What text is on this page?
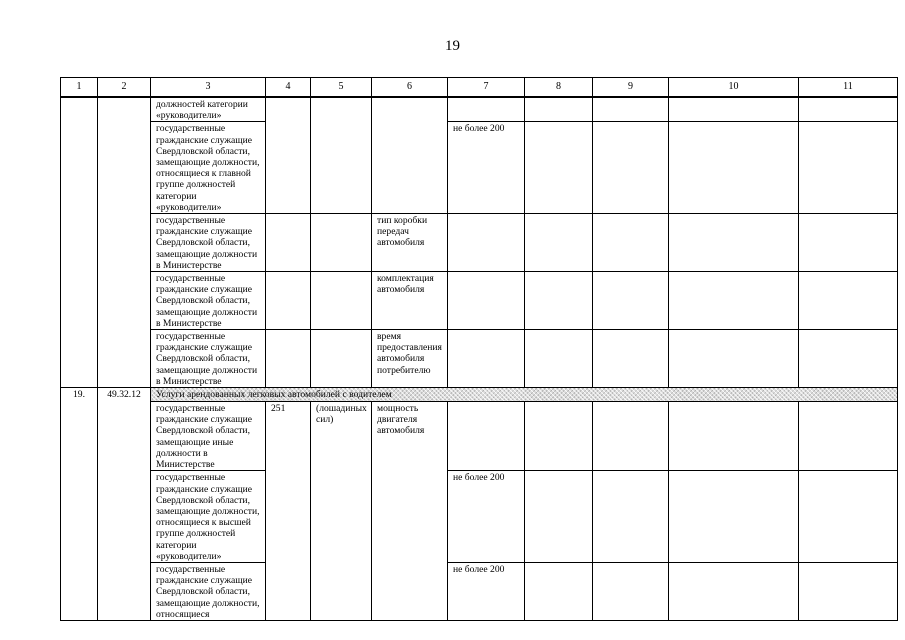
19
1	2	3	4	5	6	7	8	9	10	11
		должностей категории «руководители»								
		государственные гражданские служащие Свердловской области, замещающие должности, относящиеся к главной группе должностей категории «руководители»				не более 200				
		государственные гражданские служащие Свердловской области, замещающие должности в Министерстве			тип коробки передач автомобиля					
		государственные гражданские служащие Свердловской области, замещающие должности в Министерстве			комплектация автомобиля					
		государственные гражданские служащие Свердловской области, замещающие должности в Министерстве			время предоставления автомобиля потребителю					
19.	49.32.12	Услуги арендованных легковых автомобилей с водителем								
		государственные гражданские служащие Свердловской области, замещающие иные должности в Министерстве	251	(лошадиных сил)	мощность двигателя автомобиля					
		государственные гражданские служащие Свердловской области, замещающие должности, относящиеся к высшей группе должностей категории «руководители»				не более 200				
		государственные гражданские служащие Свердловской области, замещающие должности, относящиеся				не более 200				
